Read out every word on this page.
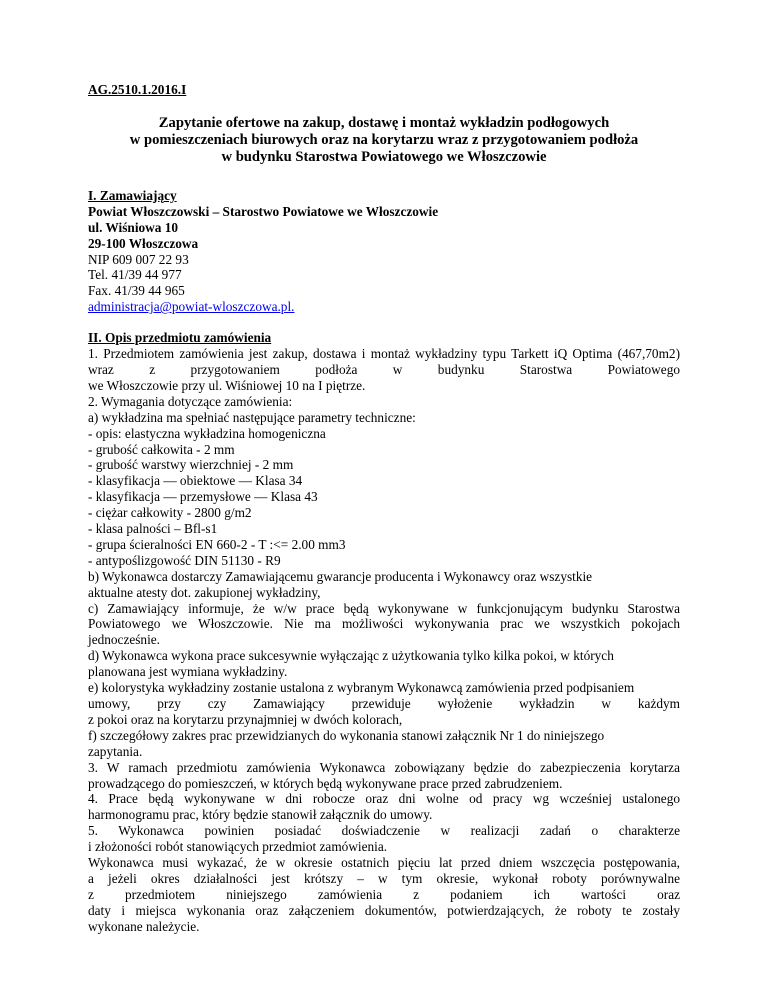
AG.2510.1.2016.I
Zapytanie ofertowe na zakup, dostawę i montaż wykładzin podłogowych
w pomieszczeniach biurowych oraz na korytarzu wraz z przygotowaniem podłoża
w budynku Starostwa Powiatowego we Włoszczowie
I. Zamawiający
Powiat Włoszczowski – Starostwo Powiatowe we Włoszczowie
ul. Wiśniowa 10
29-100 Włoszczowa
NIP 609 007 22 93
Tel. 41/39 44 977
Fax. 41/39 44 965
administracja@powiat-wloszczowa.pl.
II. Opis przedmiotu zamówienia
1. Przedmiotem zamówienia jest zakup, dostawa i montaż wykładziny typu Tarkett iQ Optima (467,70m2) wraz z przygotowaniem podłoża w budynku Starostwa Powiatowego
we Włoszczowie przy ul. Wiśniowej 10 na I piętrze.
2. Wymagania dotyczące zamówienia:
a) wykładzina ma spełniać następujące parametry techniczne:
- opis: elastyczna wykładzina homogeniczna
- grubość całkowita - 2 mm
- grubość warstwy wierzchniej - 2 mm
- klasyfikacja — obiektowe — Klasa 34
- klasyfikacja — przemysłowe — Klasa 43
- ciężar całkowity - 2800 g/m2
- klasa palności – Bfl-s1
- grupa ścieralności EN 660-2 - T :<= 2.00 mm3
- antypoślizgowość DIN 51130 - R9
b) Wykonawca dostarczy Zamawiającemu gwarancje producenta i Wykonawcy oraz wszystkie
aktualne atesty dot. zakupionej wykładziny,
c) Zamawiający informuje, że w/w prace będą wykonywane w funkcjonującym budynku Starostwa Powiatowego we Włoszczowie. Nie ma możliwości wykonywania prac we wszystkich pokojach
jednocześnie.
d) Wykonawca wykona prace sukcesywnie wyłączając z użytkowania tylko kilka pokoi, w których
planowana jest wymiana wykładziny.
e) kolorystyka wykładziny zostanie ustalona z wybranym Wykonawcą zamówienia przed podpisaniem
umowy, przy czy Zamawiający przewiduje wyłożenie wykładzin w każdym
z pokoi oraz na korytarzu przynajmniej w dwóch kolorach,
f) szczegółowy zakres prac przewidzianych do wykonania stanowi załącznik Nr 1 do niniejszego
zapytania.
3. W ramach przedmiotu zamówienia Wykonawca zobowiązany będzie do zabezpieczenia korytarza
prowadzącego do pomieszczeń, w których będą wykonywane prace przed zabrudzeniem.
4. Prace będą wykonywane w dni robocze oraz dni wolne od pracy wg wcześniej ustalonego
harmonogramu prac, który będzie stanowił załącznik do umowy.
5. Wykonawca powinien posiadać doświadczenie w realizacji zadań o charakterze
i złożoności robót stanowiących przedmiot zamówienia.
Wykonawca musi wykazać, że w okresie ostatnich pięciu lat przed dniem wszczęcia postępowania,
a jeżeli okres działalności jest krótszy – w tym okresie, wykonał roboty porównywalne
z przedmiotem niniejszego zamówienia z podaniem ich wartości oraz
daty i miejsca wykonania oraz załączeniem dokumentów, potwierdzających, że roboty te zostały
wykonane należycie.
